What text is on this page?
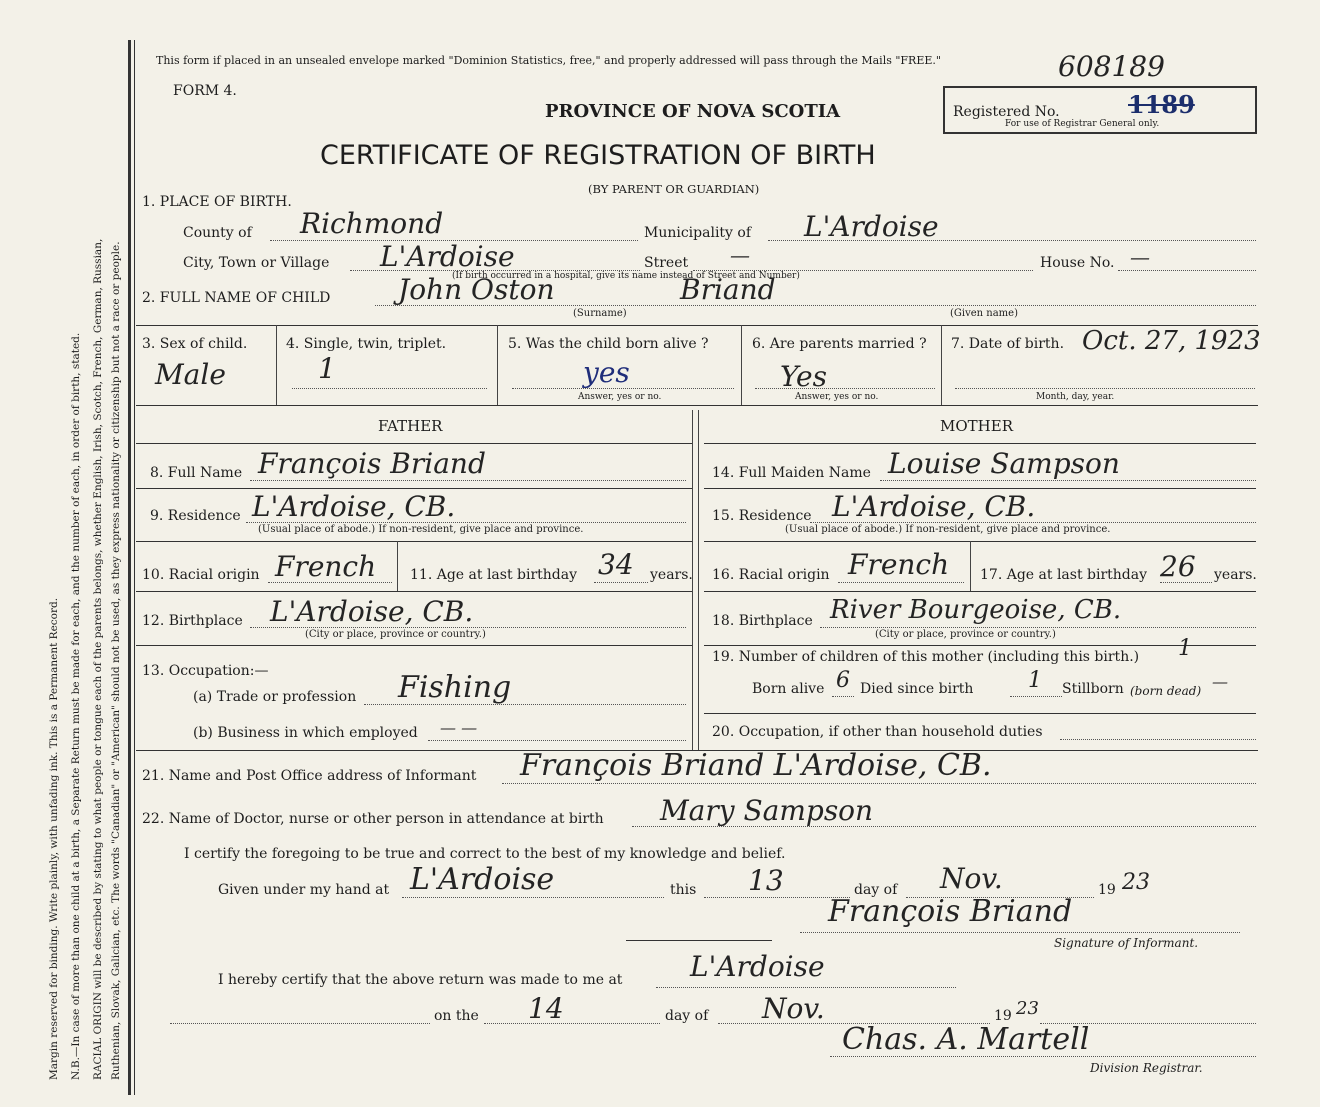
Margin reserved for binding. Write plainly, with unfading ink. This is a Permanent Record. N.B.—In case of more than one child at a birth, a Separate Return must be made for each, and the number of each, in order of birth, stated. RACIAL ORIGIN will be described by stating to what people or tongue each of the parents belongs, whether English, Irish, Scotch, French, German, Russian, Ruthenian, Slovak, Galician, etc. The words "Canadian" or "American" should not be used, as they express nationality or citizenship but not a race or people.
This form if placed in an unsealed envelope marked "Dominion Statistics, free," and properly addressed will pass through the Mails "FREE."	608189
FORM 4.
PROVINCE OF NOVA SCOTIA	Registered No.	1189
For use of Registrar General only.
CERTIFICATE OF REGISTRATION OF BIRTH
(BY PARENT OR GUARDIAN)
1. PLACE OF BIRTH.
County of Richmond	Municipality of L'Ardoise
City, Town or Village L'Ardoise	Street —	House No. —
(If birth occurred in a hospital, give its name instead of Street and Number)
2. FULL NAME OF CHILD John Oston	Briand
(Surname)	(Given name)
3. Sex of child.
Male
4. Single, twin, triplet.
1
5. Was the child born alive ?
yes
Answer, yes or no.
6. Are parents married ?
Yes
Answer, yes or no.
7. Date of birth. Oct. 27, 1923
Month, day, year.
FATHER	MOTHER
8. Full Name François Briand
9. Residence L'Ardoise, CB.
(Usual place of abode.) If non-resident, give place and province.
10. Racial origin French 11. Age at last birthday 34 years.
12. Birthplace L'Ardoise, CB.
(City or place, province or country.)
13. Occupation:—
(a) Trade or profession Fishing
(b) Business in which employed — —
14. Full Maiden Name Louise Sampson
15. Residence L'Ardoise, CB.
(Usual place of abode.) If non-resident, give place and province.
16. Racial origin French 17. Age at last birthday 26 years.
18. Birthplace River Bourgeoise, CB.
(City or place, province or country.)
19. Number of children of this mother (including this birth.) 1
Born alive 6 Died since birth 1 Stillborn (born dead) —
20. Occupation, if other than household duties
21. Name and Post Office address of Informant François Briand L'Ardoise, CB.
22. Name of Doctor, nurse or other person in attendance at birth Mary Sampson
I certify the foregoing to be true and correct to the best of my knowledge and belief.
Given under my hand at L'Ardoise	this 13	day of Nov.	19 23
François Briand
Signature of Informant.
I hereby certify that the above return was made to me at L'Ardoise
on the 14	day of Nov.	19 23
Chas. A. Martell
Division Registrar.
